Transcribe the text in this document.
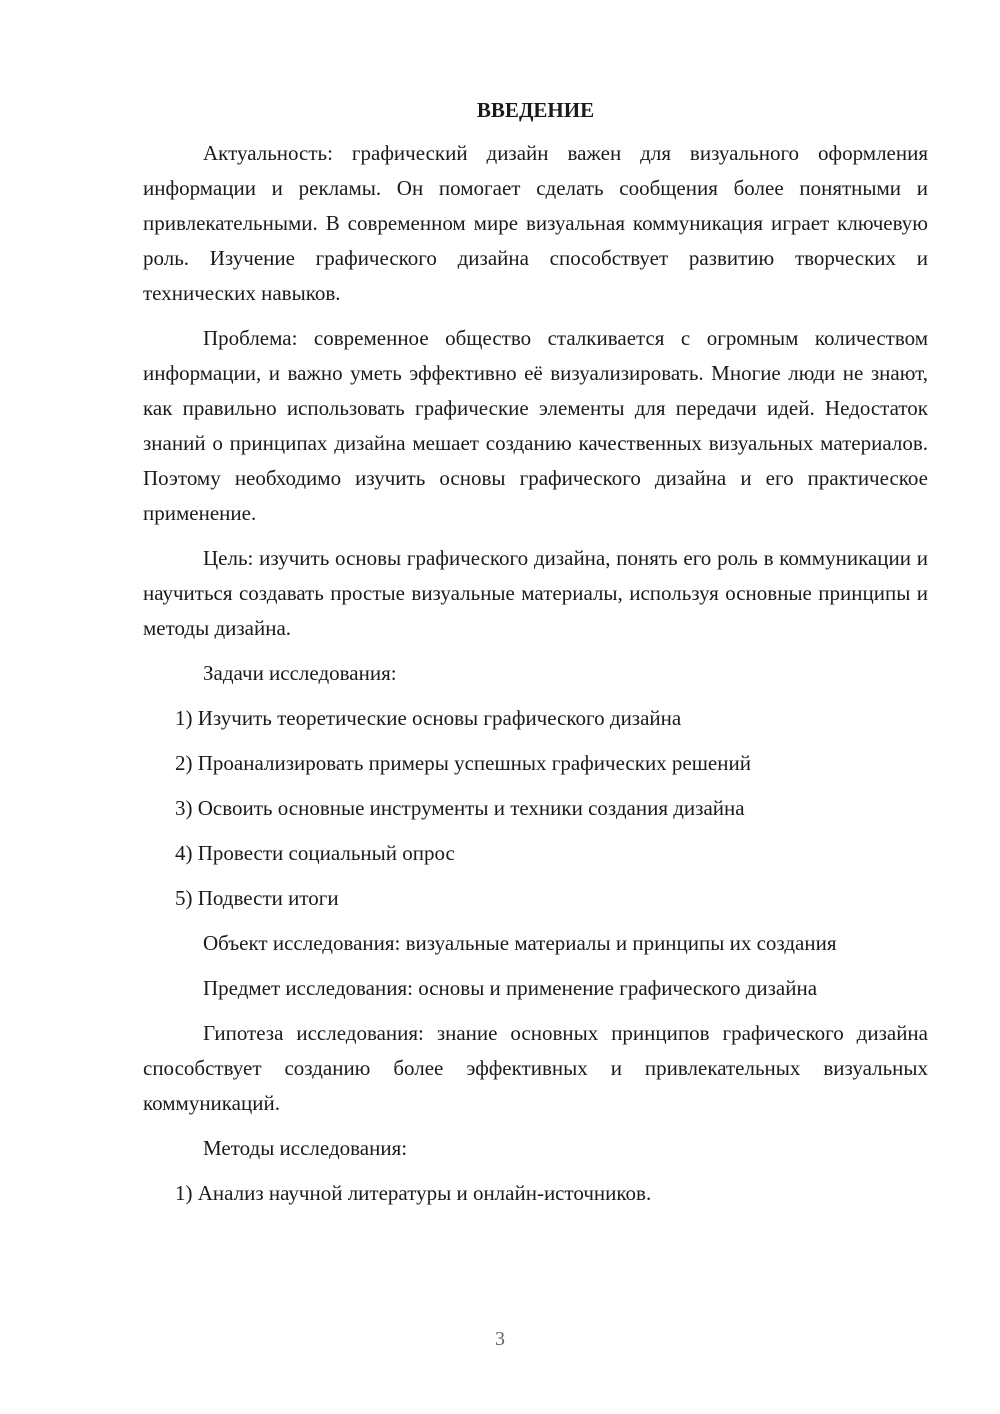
ВВЕДЕНИЕ

Актуальность: графический дизайн важен для визуального оформления информации и рекламы. Он помогает сделать сообщения более понятными и привлекательными. В современном мире визуальная коммуникация играет ключевую роль. Изучение графического дизайна способствует развитию творческих и технических навыков.

Проблема: современное общество сталкивается с огромным количеством информации, и важно уметь эффективно её визуализировать. Многие люди не знают, как правильно использовать графические элементы для передачи идей. Недостаток знаний о принципах дизайна мешает созданию качественных визуальных материалов. Поэтому необходимо изучить основы графического дизайна и его практическое применение.

Цель: изучить основы графического дизайна, понять его роль в коммуникации и научиться создавать простые визуальные материалы, используя основные принципы и методы дизайна.

Задачи исследования:

1) Изучить теоретические основы графического дизайна

2) Проанализировать примеры успешных графических решений

3) Освоить основные инструменты и техники создания дизайна

4) Провести социальный опрос

5) Подвести итоги

Объект исследования: визуальные материалы и принципы их создания

Предмет исследования: основы и применение графического дизайна

Гипотеза исследования: знание основных принципов графического дизайна способствует созданию более эффективных и привлекательных визуальных коммуникаций.

Методы исследования:

1) Анализ научной литературы и онлайн-источников.

3
